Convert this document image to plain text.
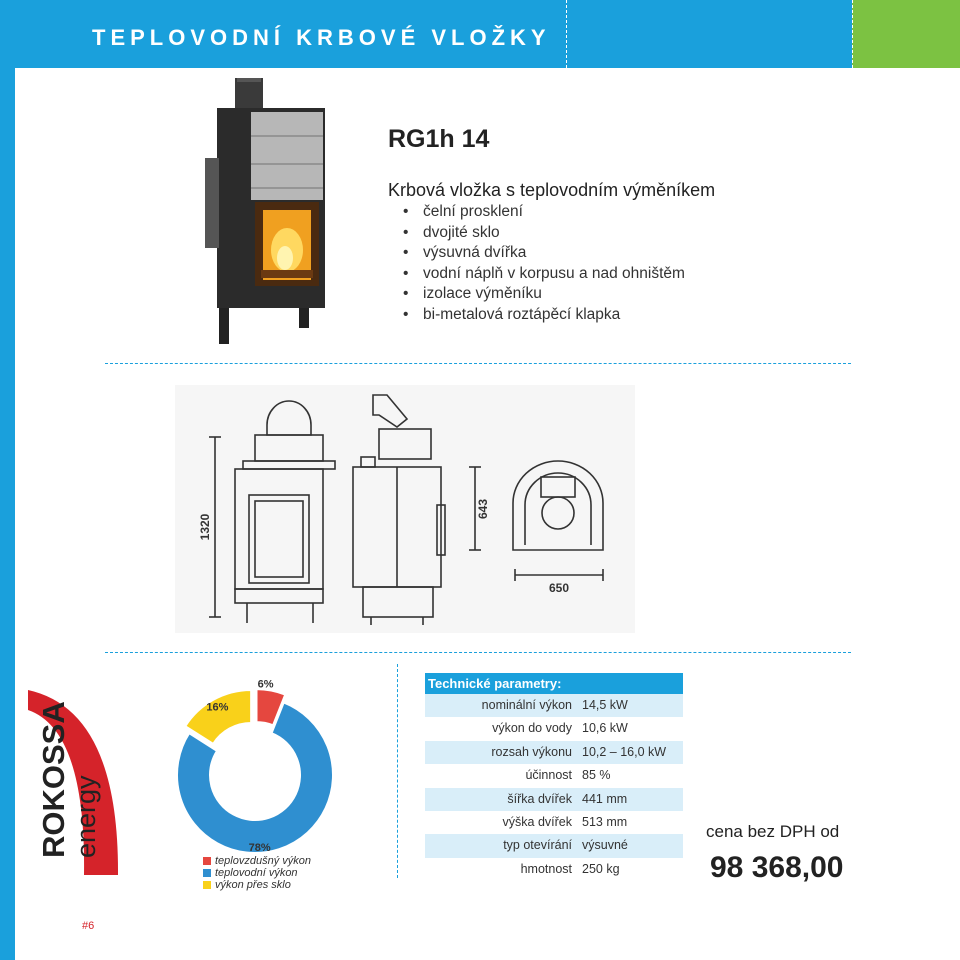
TEPLOVODNÍ KRBOVÉ VLOŽKY
RG1h 14
Krbová vložka s teplovodním výměníkem
• čelní prosklení
• dvojité sklo
• výsuvná dvířka
• vodní náplň v korpusu a nad ohništěm
• izolace výměníku
• bi-metalová roztápěcí klapka
1320
643
650
ROKOSSA energy
6%
78%
16%
teplovzdušný výkon
teplovodní výkon
výkon přes sklo
Technické parametry:
nominální výkon 14,5 kW
výkon do vody 10,6 kW
rozsah výkonu 10,2 – 16,0 kW
účinnost 85 %
šířka dvířek 441 mm
výška dvířek 513 mm
typ otevírání výsuvné
hmotnost 250 kg
cena bez DPH od
98 368,00
#6
